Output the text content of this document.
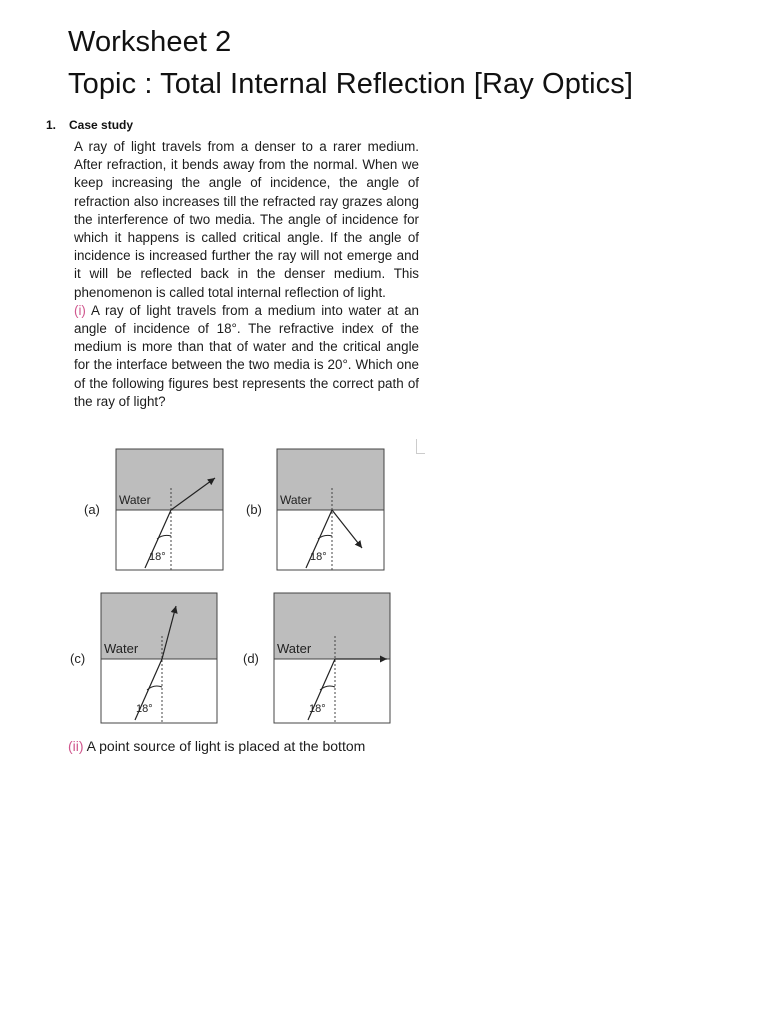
Worksheet 2
Topic : Total Internal Reflection [Ray Optics]
1. Case study

A ray of light travels from a denser to a rarer medium. After refraction, it bends away from the normal. When we keep increasing the angle of incidence, the angle of refraction also increases till the refracted ray grazes along the interference of two media. The angle of incidence for which it happens is called critical angle. If the angle of incidence is increased further the ray will not emerge and it will be reflected back in the denser medium. This phenomenon is called total internal reflection of light.

(i) A ray of light travels from a medium into water at an angle of incidence of 18°. The refractive index of the medium is more than that of water and the critical angle for the interface between the two media is 20°. Which one of the following figures best represents the correct path of the ray of light?

(a)
Water
18°
(b)
Water
18°
(c)
Water
18°
(d)
Water
18°
(ii) A point source of light is placed at the bottom
